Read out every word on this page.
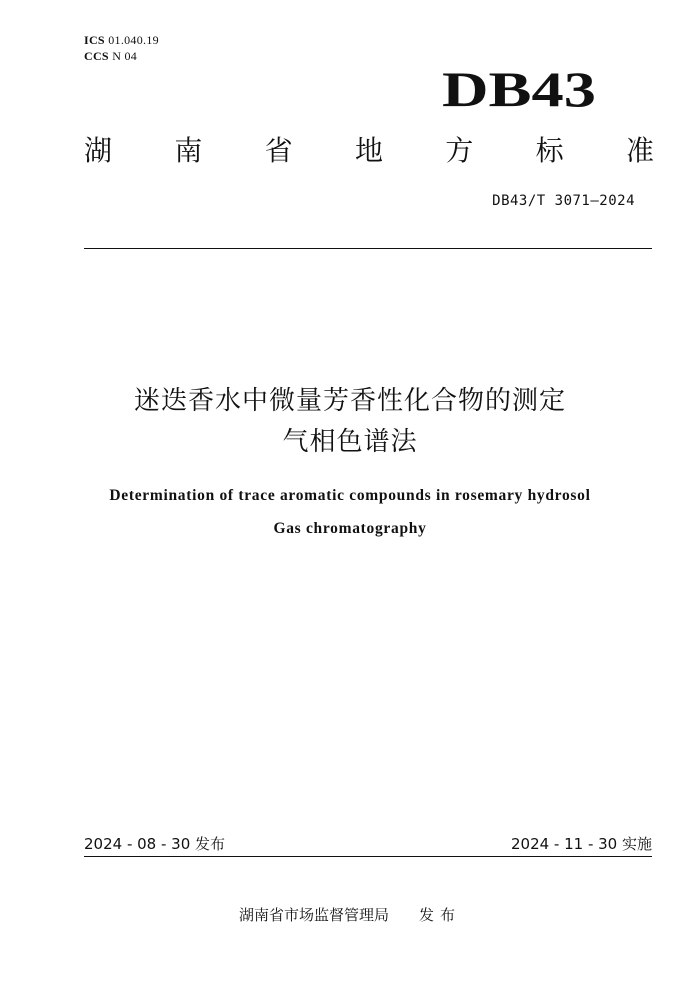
ICS 01.040.19
CCS N 04
DB43
湖 南 省 地 方 标 准
DB43/T 3071—2024
迷迭香水中微量芳香性化合物的测定
气相色谱法
Determination of trace aromatic compounds in rosemary hydrosol
Gas chromatography
2024 - 08 - 30 发布	2024 - 11 - 30 实施
湖南省市场监督管理局 发布
